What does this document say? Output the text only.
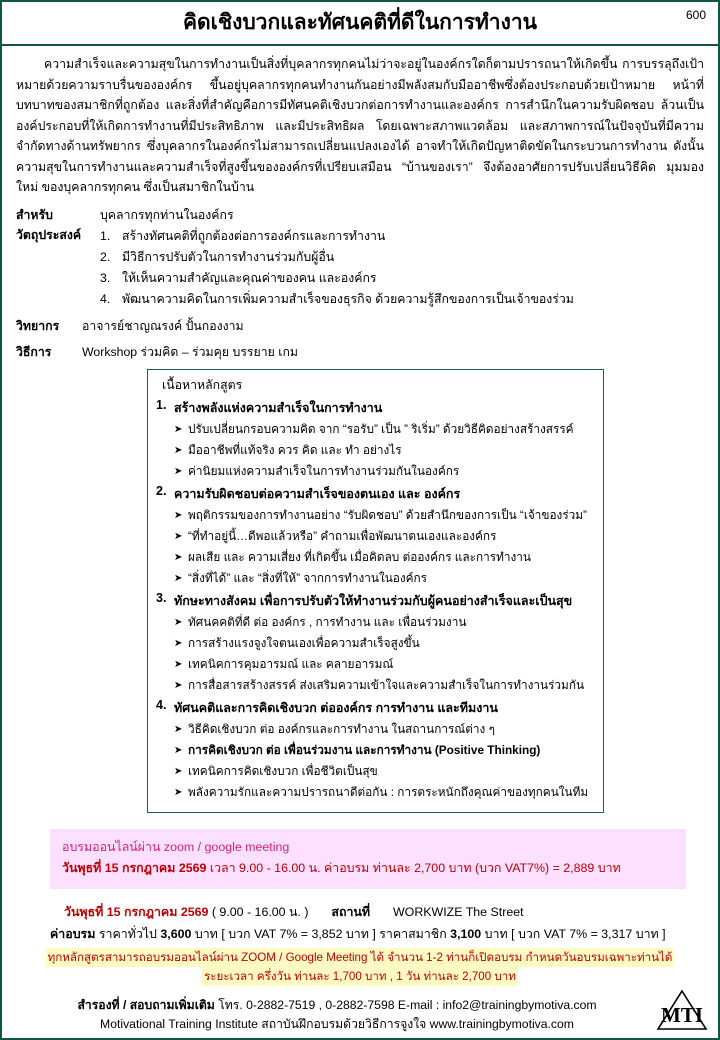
คิดเชิงบวกและทัศนคติที่ดีในการทำงาน	600

ความสำเร็จและความสุขในการทำงานเป็นสิ่งที่บุคลากรทุกคนไม่ว่าจะอยู่ในองค์กรใดก็ตามปรารถนาให้เกิดขึ้น การบรรลุถึงเป้าหมายด้วยความราบรื่นขององค์กร ขึ้นอยู่บุคลากรทุกคนทำงานกันอย่างมีพลังสมกับมืออาชีพซึ่งต้องประกอบด้วยเป้าหมาย หน้าที่ บทบาทของสมาชิกที่ถูกต้อง และสิ่งที่สำคัญคือการมีทัศนคติเชิงบวกต่อการทำงานและองค์กร การสำนึกในความรับผิดชอบ ล้วนเป็นองค์ประกอบที่ให้เกิดการทำงานที่มีประสิทธิภาพ และมีประสิทธิผล โดยเฉพาะสภาพแวดล้อม และสภาพการณ์ในปัจจุบันที่มีความจำกัดทางด้านทรัพยากร ซึ่งบุคลากรในองค์กรไม่สามารถเปลี่ยนแปลงเองได้ อาจทำให้เกิดปัญหาติดขัดในกระบวนการทำงาน ดังนั้นความสุขในการทำงานและความสำเร็จที่สูงขึ้นขององค์กรที่เปรียบเสมือน “บ้านของเรา” จึงต้องอาศัยการปรับเปลี่ยนวิธีคิด มุมมองใหม่ ของบุคลากรทุกคน ซึ่งเป็นสมาชิกในบ้าน

สำหรับ	บุคลากรทุกท่านในองค์กร
วัตถุประสงค์	1. สร้างทัศนคติที่ถูกต้องต่อการองค์กรและการทำงาน
2. มีวิธีการปรับตัวในการทำงานร่วมกับผู้อื่น
3. ให้เห็นความสำคัญและคุณค่าของคน และองค์กร
4. พัฒนาความคิดในการเพิ่มความสำเร็จของธุรกิจ ด้วยความรู้สึกของการเป็นเจ้าของร่วม
วิทยากร	อาจารย์ชาญณรงค์ ปั้นกองงาม
วิธีการ	Workshop ร่วมคิด – ร่วมคุย บรรยาย เกม
เนื้อหาหลักสูตร
1. สร้างพลังแห่งความสำเร็จในการทำงาน
➤ ปรับเปลี่ยนกรอบความคิด จาก “รอรับ” เป็น ” ริเริ่ม” ด้วยวิธีคิดอย่างสร้างสรรค์
➤ มืออาชีพที่แท้จริง ควร คิด และ ทำ อย่างไร
➤ ค่านิยมแห่งความสำเร็จในการทำงานร่วมกันในองค์กร
2. ความรับผิดชอบต่อความสำเร็จของตนเอง และ องค์กร
➤ พฤติกรรมของการทำงานอย่าง “รับผิดชอบ” ด้วยสำนึกของการเป็น “เจ้าของร่วม”
➤ “ที่ทำอยู่นี้…ดีพอแล้วหรือ” คำถามเพื่อพัฒนาตนเองและองค์กร
➤ ผลเสีย และ ความเสี่ยง ที่เกิดขึ้น เมื่อคิดลบ ต่อองค์กร และการทำงาน
➤ “สิ่งที่ได้” และ “สิ่งที่ให้” จากการทำงานในองค์กร
3. ทักษะทางสังคม เพื่อการปรับตัวให้ทำงานร่วมกับผู้คนอย่างสำเร็จและเป็นสุข
➤ ทัศนคคติที่ดี ต่อ องค์กร , การทำงาน และ เพื่อนร่วมงาน
➤ การสร้างแรงจูงใจตนเองเพื่อความสำเร็จสูงขึ้น
➤ เทคนิคการคุมอารมณ์ และ คลายอารมณ์
➤ การสื่อสารสร้างสรรค์ ส่งเสริมความเข้าใจและความสำเร็จในการทำงานร่วมกัน
4. ทัศนคติและการคิดเชิงบวก ต่อองค์กร การทำงาน และทีมงาน
➤ วิธีคิดเชิงบวก ต่อ องค์กรและการทำงาน ในสถานการณ์ต่าง ๆ
➤ การคิดเชิงบวก ต่อ เพื่อนร่วมงาน และการทำงาน (Positive Thinking)
➤ เทคนิคการคิดเชิงบวก เพื่อชีวิตเป็นสุข
➤ พลังความรักและความปรารถนาดีต่อกัน : การตระหนักถึงคุณค่าของทุกคนในทีม
อบรมออนไลน์ผ่าน zoom / google meeting
วันพุธที่ 15 กรกฎาคม 2569 เวลา 9.00 - 16.00 น. ค่าอบรม ท่านละ 2,700 บาท (บวก VAT7%) = 2,889 บาท
วันพุธที่ 15 กรกฎาคม 2569 ( 9.00 - 16.00 น. ) สถานที่ WORKWIZE The Street
ค่าอบรม ราคาทั่วไป 3,600 บาท [ บวก VAT 7% = 3,852 บาท ] ราคาสมาชิก 3,100 บาท [ บวก VAT 7% = 3,317 บาท ]
ทุกหลักสูตรสามารถอบรมออนไลน์ผ่าน ZOOM / Google Meeting ได้ จำนวน 1-2 ท่านก็เปิดอบรม กำหนดวันอบรมเฉพาะท่านได้
ระยะเวลา ครึ่งวัน ท่านละ 1,700 บาท , 1 วัน ท่านละ 2,700 บาท
สำรองที่ / สอบถามเพิ่มเติม โทร. 0-2882-7519 , 0-2882-7598 E-mail : info2@trainingbymotiva.com
Motivational Training Institute สถาบันฝึกอบรมด้วยวิธีการจูงใจ www.trainingbymotiva.com	MTI
